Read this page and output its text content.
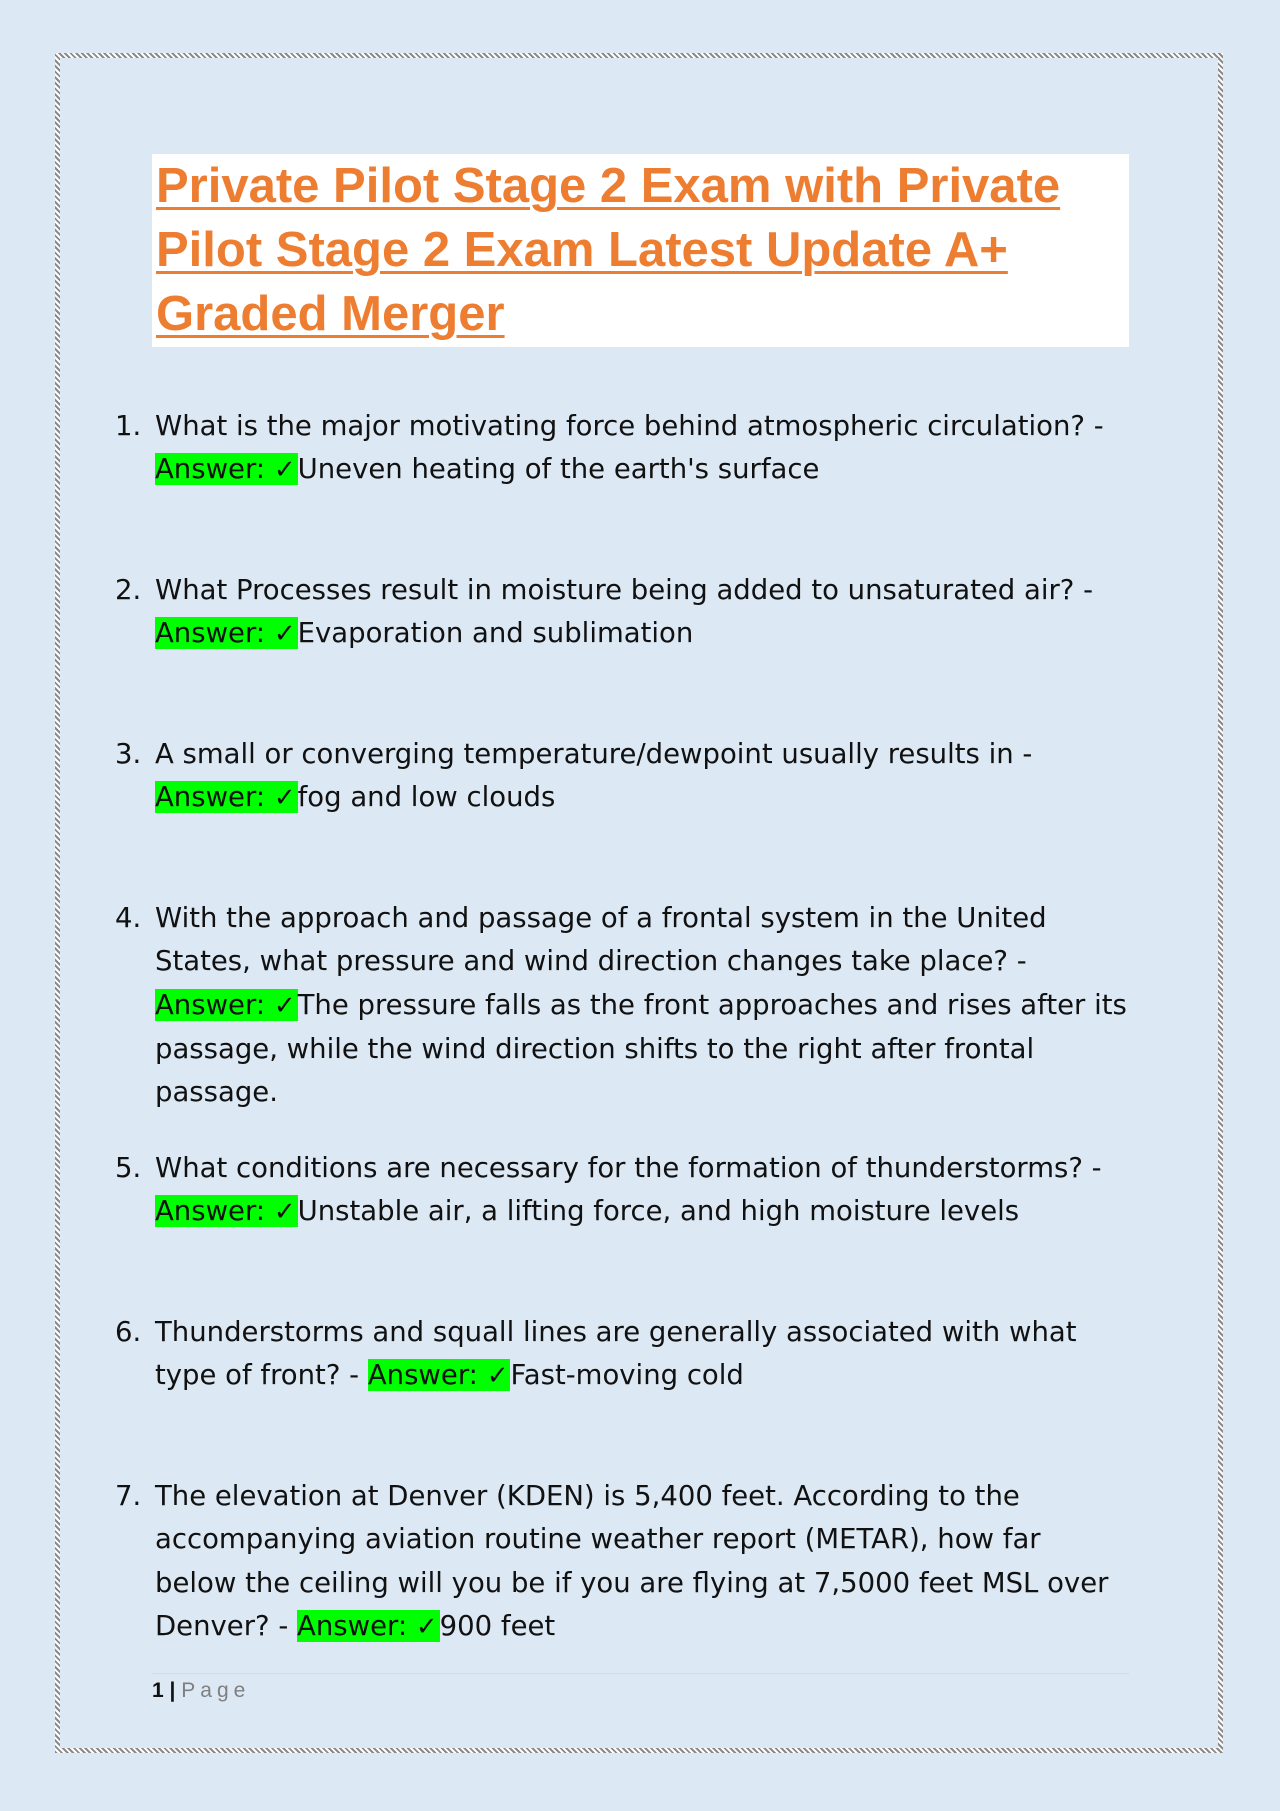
Private Pilot Stage 2 Exam with Private Pilot Stage 2 Exam Latest Update A+ Graded Merger
1. What is the major motivating force behind atmospheric circulation? - Answer: ✓Uneven heating of the earth's surface
2. What Processes result in moisture being added to unsaturated air? - Answer: ✓Evaporation and sublimation
3. A small or converging temperature/dewpoint usually results in - Answer: ✓fog and low clouds
4. With the approach and passage of a frontal system in the United States, what pressure and wind direction changes take place? - Answer: ✓The pressure falls as the front approaches and rises after its passage, while the wind direction shifts to the right after frontal passage.
5. What conditions are necessary for the formation of thunderstorms? - Answer: ✓Unstable air, a lifting force, and high moisture levels
6. Thunderstorms and squall lines are generally associated with what type of front? - Answer: ✓Fast-moving cold
7. The elevation at Denver (KDEN) is 5,400 feet. According to the accompanying aviation routine weather report (METAR), how far below the ceiling will you be if you are flying at 7,5000 feet MSL over Denver? - Answer: ✓900 feet
1 | Page
